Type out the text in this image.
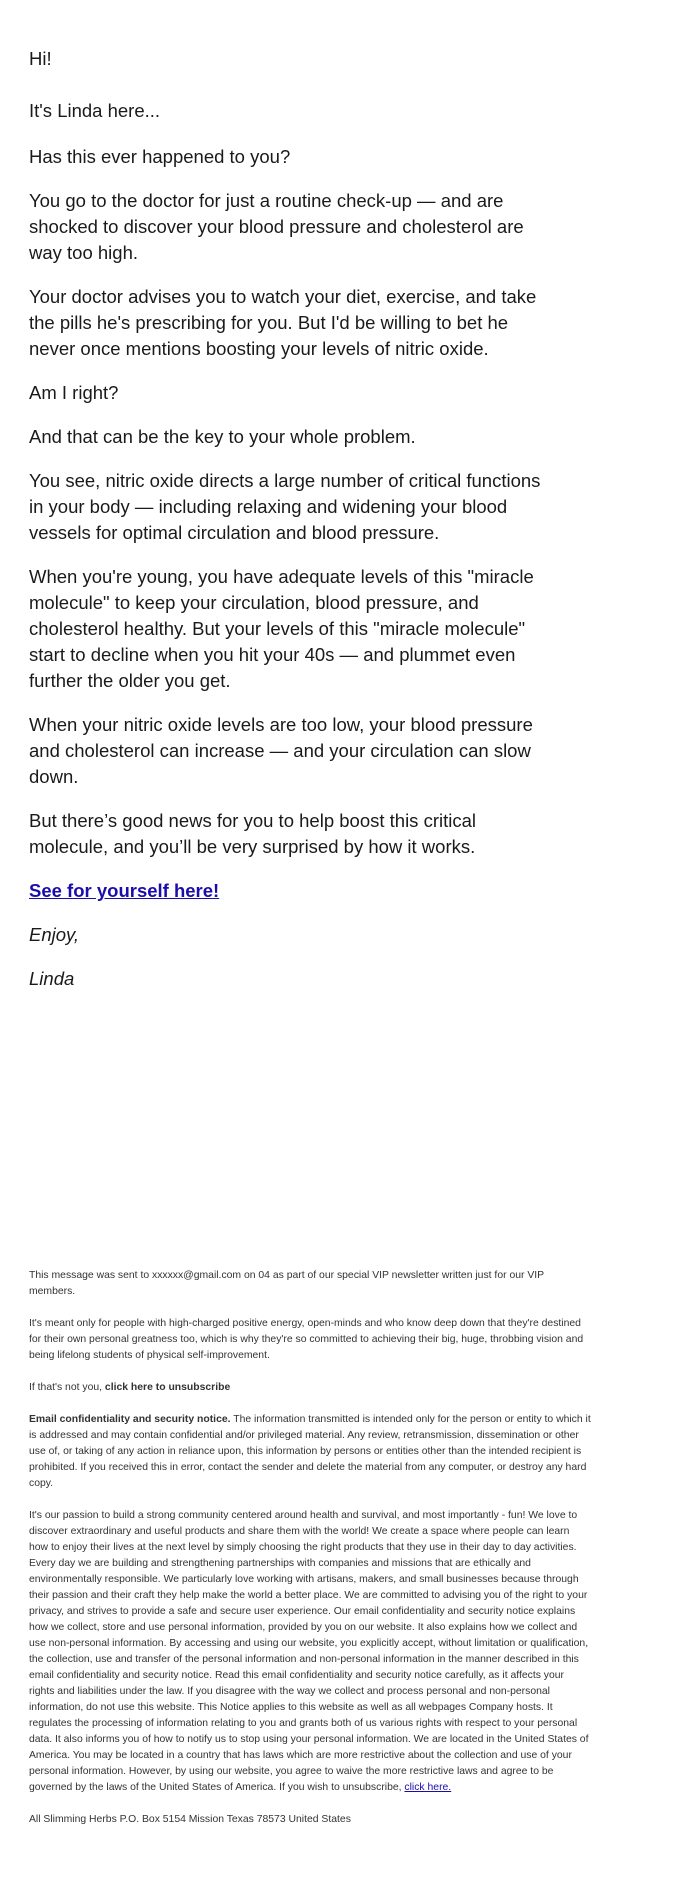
Hi!

It's Linda here...

Has this ever happened to you?

You go to the doctor for just a routine check-up — and are shocked to discover your blood pressure and cholesterol are way too high.

Your doctor advises you to watch your diet, exercise, and take the pills he's prescribing for you. But I'd be willing to bet he never once mentions boosting your levels of nitric oxide.

Am I right?

And that can be the key to your whole problem.

You see, nitric oxide directs a large number of critical functions in your body — including relaxing and widening your blood vessels for optimal circulation and blood pressure.

When you're young, you have adequate levels of this "miracle molecule" to keep your circulation, blood pressure, and cholesterol healthy. But your levels of this "miracle molecule" start to decline when you hit your 40s — and plummet even further the older you get.

When your nitric oxide levels are too low, your blood pressure and cholesterol can increase — and your circulation can slow down.

But there’s good news for you to help boost this critical molecule, and you’ll be very surprised by how it works.

See for yourself here!

Enjoy,

Linda

This message was sent to xxxxxx@gmail.com on 04 as part of our special VIP newsletter written just for our VIP members.

It's meant only for people with high-charged positive energy, open-minds and who know deep down that they're destined for their own personal greatness too, which is why they're so committed to achieving their big, huge, throbbing vision and being lifelong students of physical self-improvement.

If that's not you, click here to unsubscribe

Email confidentiality and security notice. The information transmitted is intended only for the person or entity to which it is addressed and may contain confidential and/or privileged material. Any review, retransmission, dissemination or other use of, or taking of any action in reliance upon, this information by persons or entities other than the intended recipient is prohibited. If you received this in error, contact the sender and delete the material from any computer, or destroy any hard copy.

It's our passion to build a strong community centered around health and survival, and most importantly - fun! We love to discover extraordinary and useful products and share them with the world! We create a space where people can learn how to enjoy their lives at the next level by simply choosing the right products that they use in their day to day activities. Every day we are building and strengthening partnerships with companies and missions that are ethically and environmentally responsible. We particularly love working with artisans, makers, and small businesses because through their passion and their craft they help make the world a better place. We are committed to advising you of the right to your privacy, and strives to provide a safe and secure user experience. Our email confidentiality and security notice explains how we collect, store and use personal information, provided by you on our website. It also explains how we collect and use non-personal information. By accessing and using our website, you explicitly accept, without limitation or qualification, the collection, use and transfer of the personal information and non-personal information in the manner described in this email confidentiality and security notice. Read this email confidentiality and security notice carefully, as it affects your rights and liabilities under the law. If you disagree with the way we collect and process personal and non-personal information, do not use this website. This Notice applies to this website as well as all webpages Company hosts. It regulates the processing of information relating to you and grants both of us various rights with respect to your personal data. It also informs you of how to notify us to stop using your personal information. We are located in the United States of America. You may be located in a country that has laws which are more restrictive about the collection and use of your personal information. However, by using our website, you agree to waive the more restrictive laws and agree to be governed by the laws of the United States of America. If you wish to unsubscribe, click here.

All Slimming Herbs P.O. Box 5154 Mission Texas 78573 United States
